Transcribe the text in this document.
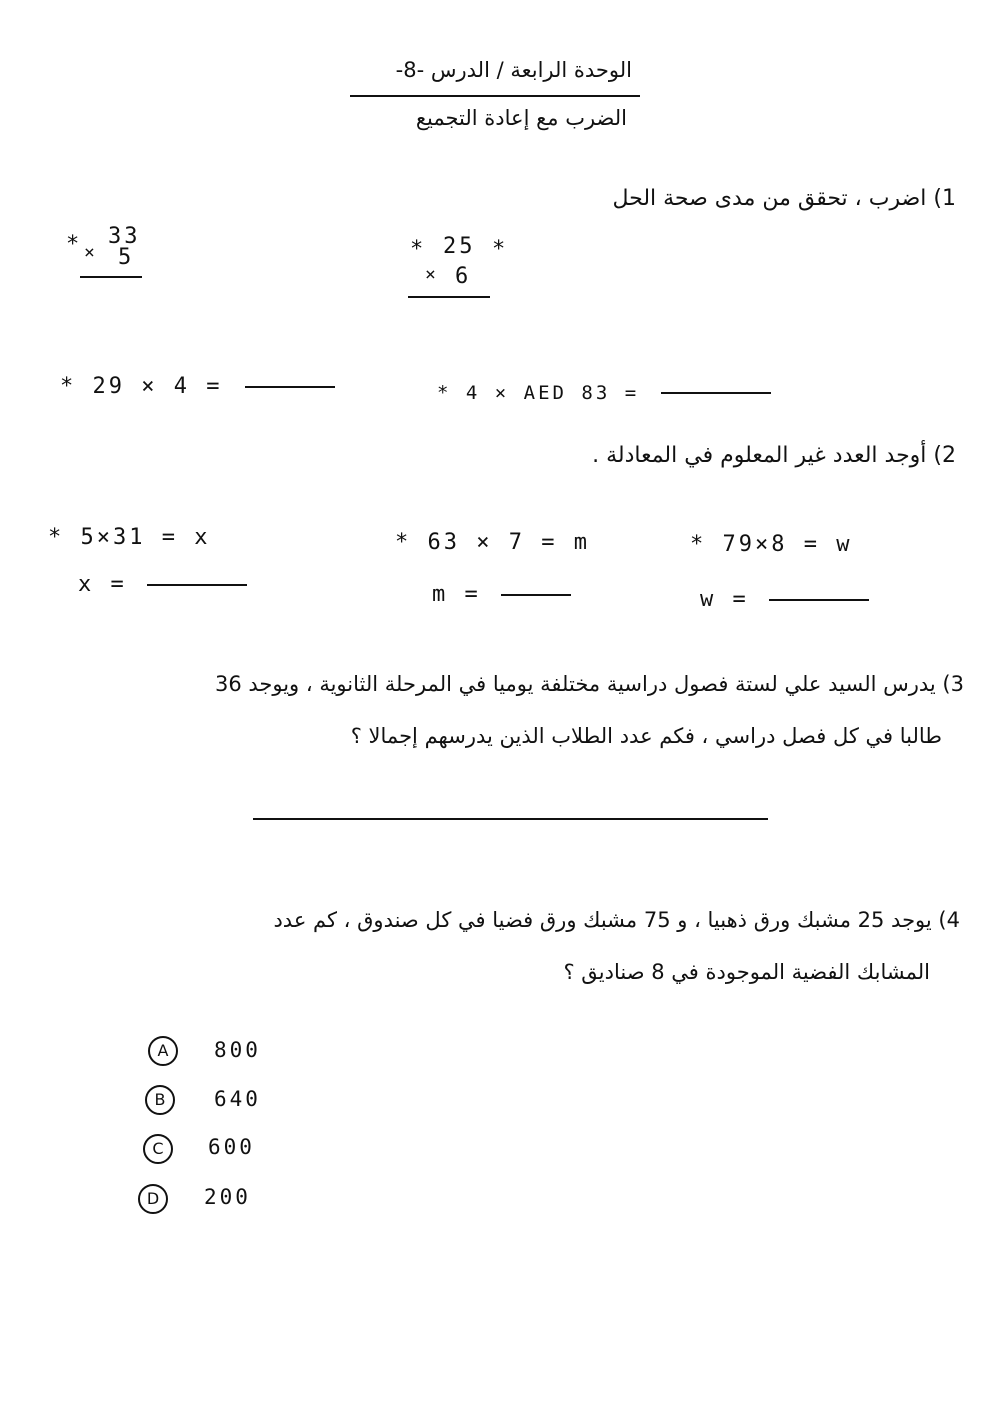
الوحدة الرابعة / الدرس -8-
الضرب مع إعادة التجميع
1) اضرب ، تحقق من مدى صحة الحل
* 33
× 5	* 25 *
× 6
* 29 × 4 =	* 4 × AED 83 =
2) أوجد العدد غير المعلوم في المعادلة .
* 5×31 = x
x =
* 63 × 7 = m
m =
* 79×8 = w
w =
3) يدرس السيد علي لستة فصول دراسية مختلفة يوميا في المرحلة الثانوية ، ويوجد 36
طالبا في كل فصل دراسي ، فكم عدد الطلاب الذين يدرسهم إجمالا ؟
4) يوجد 25 مشبك ورق ذهبيا ، و 75 مشبك ورق فضيا في كل صندوق ، كم عدد
المشابك الفضية الموجودة في 8 صناديق ؟
A	800
B	640
C	600
D	200
